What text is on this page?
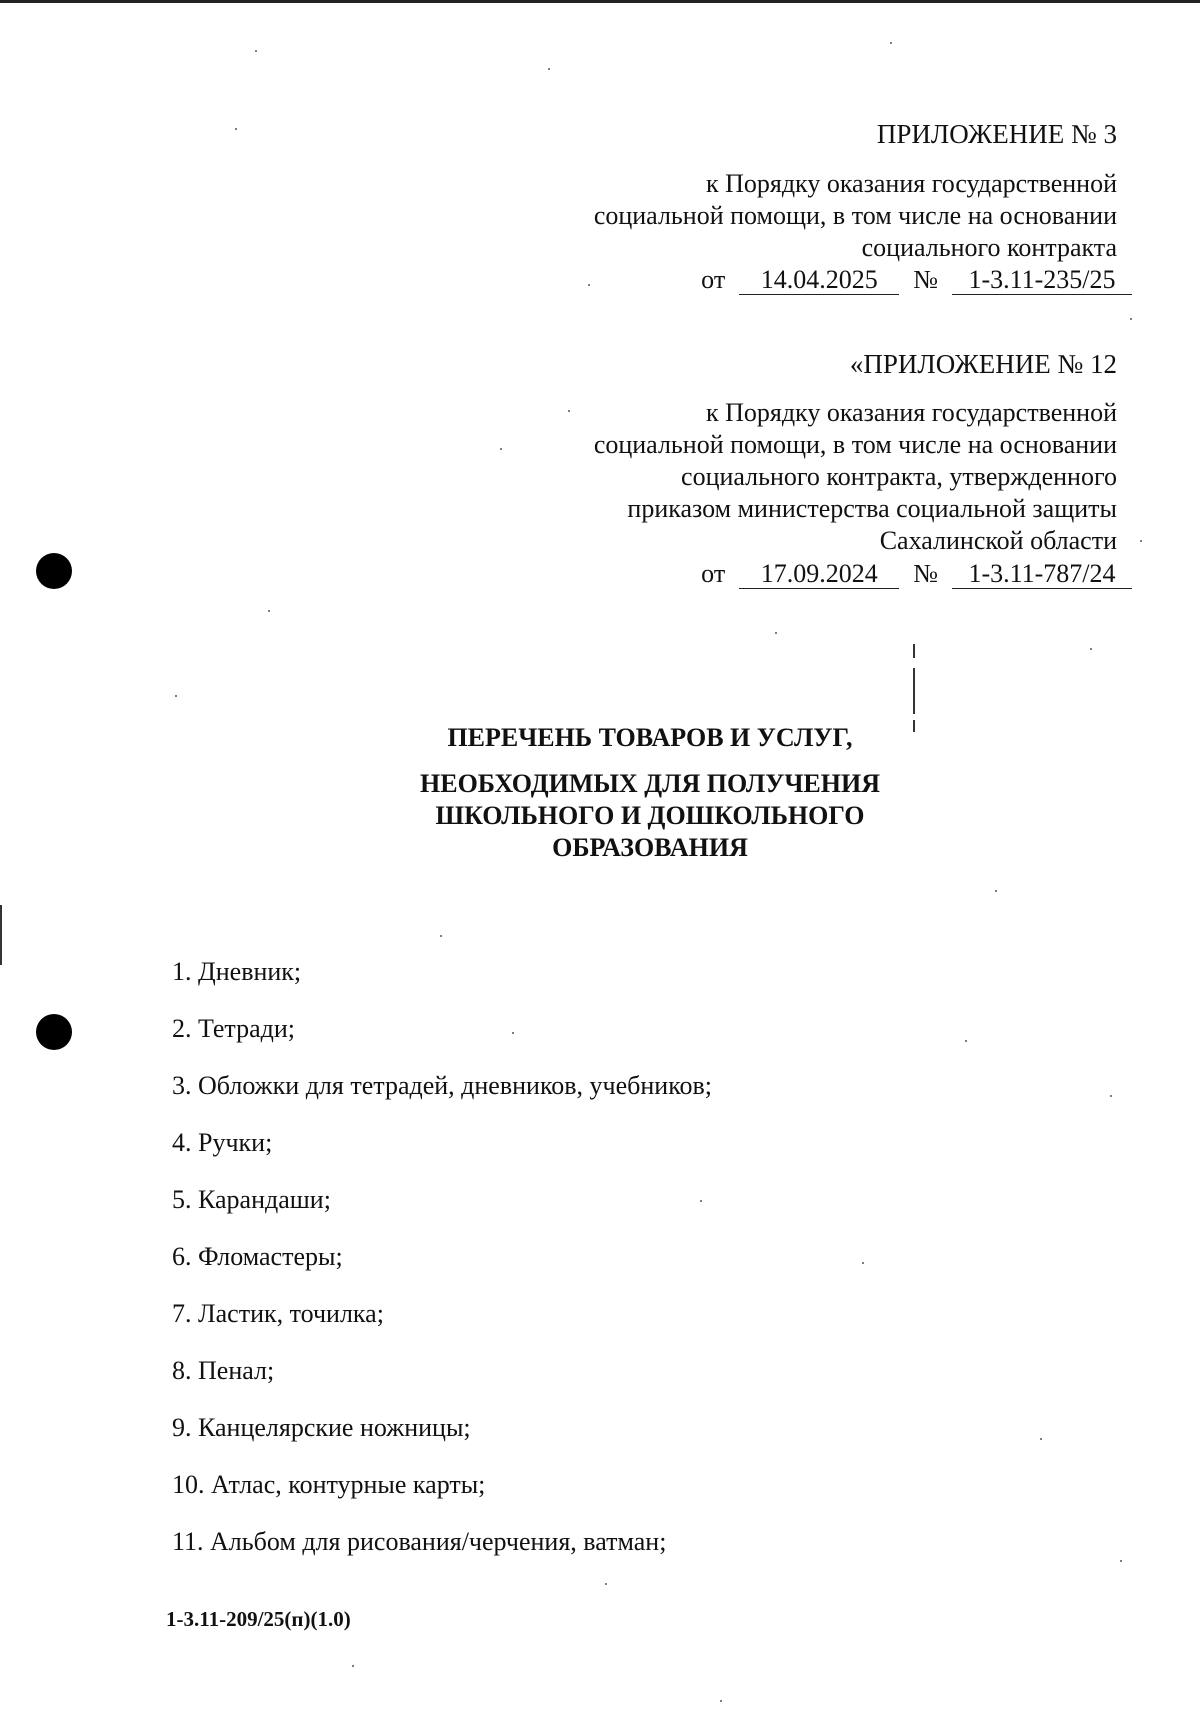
ПРИЛОЖЕНИЕ № 3
к Порядку оказания государственной
социальной помощи, в том числе на основании
социального контракта
от 14.04.2025 № 1-3.11-235/25
«ПРИЛОЖЕНИЕ № 12
к Порядку оказания государственной
социальной помощи, в том числе на основании
социального контракта, утвержденного
приказом министерства социальной защиты
Сахалинской области
от 17.09.2024 № 1-3.11-787/24
ПЕРЕЧЕНЬ ТОВАРОВ И УСЛУГ,
НЕОБХОДИМЫХ ДЛЯ ПОЛУЧЕНИЯ
ШКОЛЬНОГО И ДОШКОЛЬНОГО
ОБРАЗОВАНИЯ
1. Дневник;
2. Тетради;
3. Обложки для тетрадей, дневников, учебников;
4. Ручки;
5. Карандаши;
6. Фломастеры;
7. Ластик, точилка;
8. Пенал;
9. Канцелярские ножницы;
10. Атлас, контурные карты;
11. Альбом для рисования/черчения, ватман;
1-3.11-209/25(п)(1.0)
